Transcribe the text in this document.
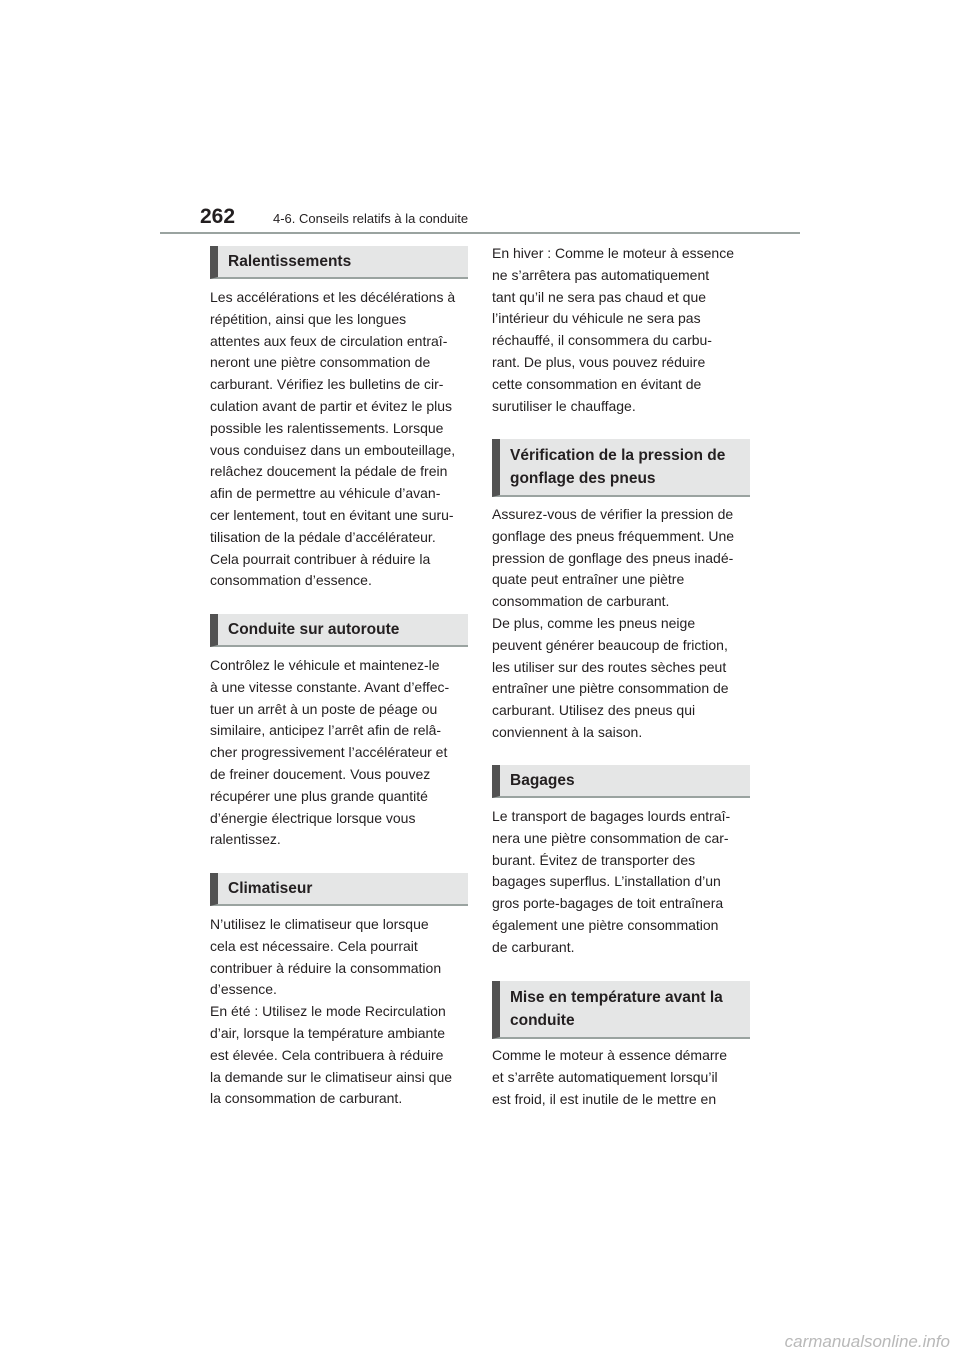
262	4-6. Conseils relatifs à la conduite
Ralentissements

Les accélérations et les décélérations à
répétition, ainsi que les longues
attentes aux feux de circulation entraî-
neront une piètre consommation de
carburant. Vérifiez les bulletins de cir-
culation avant de partir et évitez le plus
possible les ralentissements. Lorsque
vous conduisez dans un embouteillage,
relâchez doucement la pédale de frein
afin de permettre au véhicule d’avan-
cer lentement, tout en évitant une suru-
tilisation de la pédale d’accélérateur.
Cela pourrait contribuer à réduire la
consommation d’essence.

Conduite sur autoroute

Contrôlez le véhicule et maintenez-le
à une vitesse constante. Avant d’effec-
tuer un arrêt à un poste de péage ou
similaire, anticipez l’arrêt afin de relâ-
cher progressivement l’accélérateur et
de freiner doucement. Vous pouvez
récupérer une plus grande quantité
d’énergie électrique lorsque vous
ralentissez.

Climatiseur

N’utilisez le climatiseur que lorsque
cela est nécessaire. Cela pourrait
contribuer à réduire la consommation
d’essence.
En été : Utilisez le mode Recirculation
d’air, lorsque la température ambiante
est élevée. Cela contribuera à réduire
la demande sur le climatiseur ainsi que
la consommation de carburant.

En hiver : Comme le moteur à essence
ne s’arrêtera pas automatiquement
tant qu’il ne sera pas chaud et que
l’intérieur du véhicule ne sera pas
réchauffé, il consommera du carbu-
rant. De plus, vous pouvez réduire
cette consommation en évitant de
surutiliser le chauffage.

Vérification de la pression de
gonflage des pneus

Assurez-vous de vérifier la pression de
gonflage des pneus fréquemment. Une
pression de gonflage des pneus inadé-
quate peut entraîner une piètre
consommation de carburant.
De plus, comme les pneus neige
peuvent générer beaucoup de friction,
les utiliser sur des routes sèches peut
entraîner une piètre consommation de
carburant. Utilisez des pneus qui
conviennent à la saison.

Bagages

Le transport de bagages lourds entraî-
nera une piètre consommation de car-
burant. Évitez de transporter des
bagages superflus. L’installation d’un
gros porte-bagages de toit entraînera
également une piètre consommation
de carburant.

Mise en température avant la
conduite

Comme le moteur à essence démarre
et s’arrête automatiquement lorsqu’il
est froid, il est inutile de le mettre en

carmanualsonline.info
